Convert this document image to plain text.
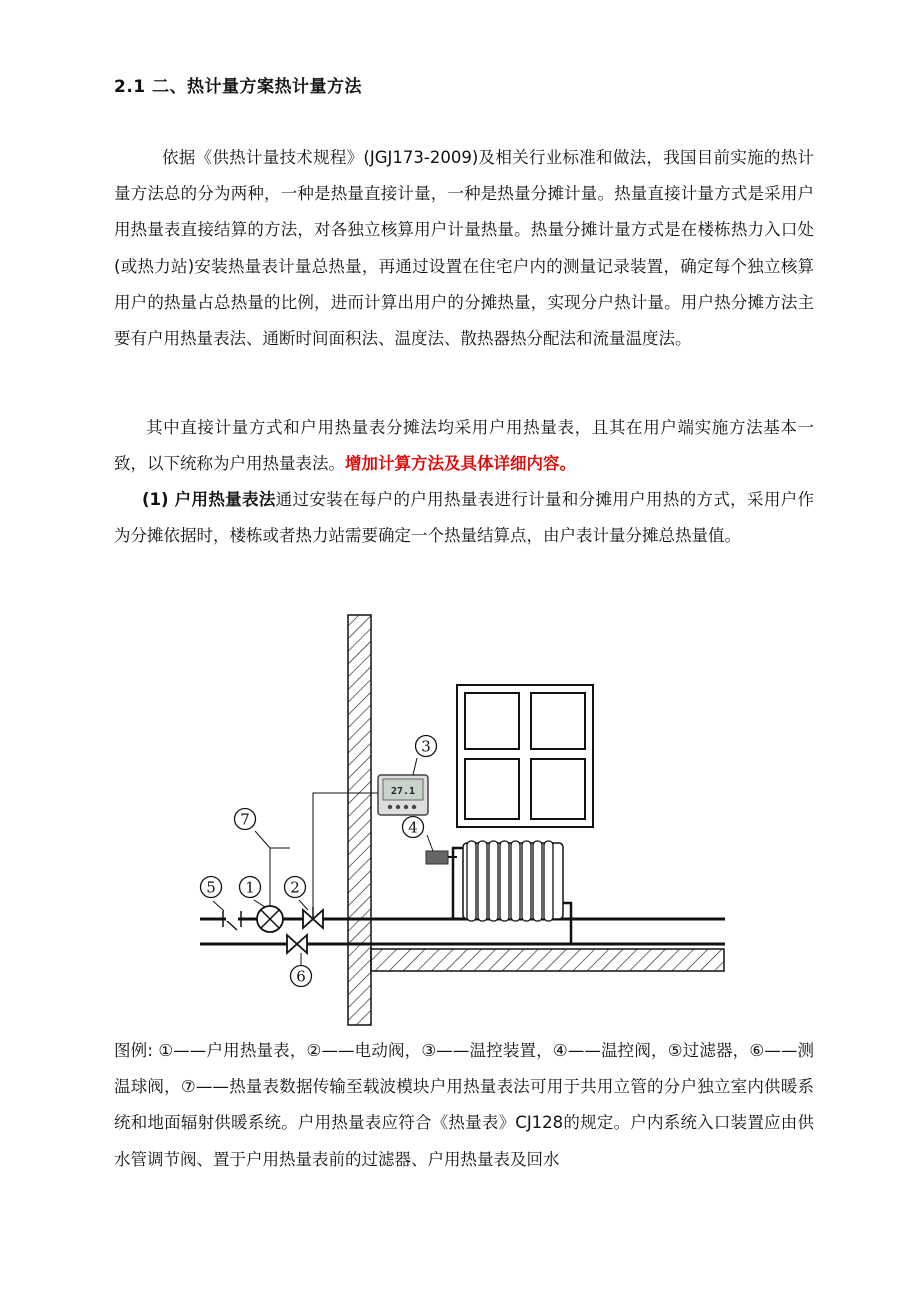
2.1 二、热计量方案热计量方法

依据《供热计量技术规程》(JGJ173-2009)及相关行业标准和做法，我国目前实施的热计量方法总的分为两种，一种是热量直接计量，一种是热量分摊计量。热量直接计量方式是采用户用热量表直接结算的方法，对各独立核算用户计量热量。热量分摊计量方式是在楼栋热力入口处(或热力站)安装热量表计量总热量，再通过设置在住宅户内的测量记录装置，确定每个独立核算用户的热量占总热量的比例，进而计算出用户的分摊热量，实现分户热计量。用户热分摊方法主要有户用热量表法、通断时间面积法、温度法、散热器热分配法和流量温度法。

其中直接计量方式和户用热量表分摊法均采用户用热量表，且其在用户端实施方法基本一致，以下统称为户用热量表法。增加计算方法及具体详细内容。

(1) 户用热量表法通过安装在每户的户用热量表进行计量和分摊用户用热的方式，采用户作为分摊依据时，楼栋或者热力站需要确定一个热量结算点，由户表计量分摊总热量值。

27.1
1 2
3
4
5
6
7

图例: ①——户用热量表，②——电动阀，③——温控装置，④——温控阀，⑤过滤器，⑥——测温球阀，⑦——热量表数据传输至载波模块户用热量表法可用于共用立管的分户独立室内供暖系统和地面辐射供暖系统。户用热量表应符合《热量表》CJ128的规定。户内系统入口装置应由供水管调节阀、置于户用热量表前的过滤器、户用热量表及回水
